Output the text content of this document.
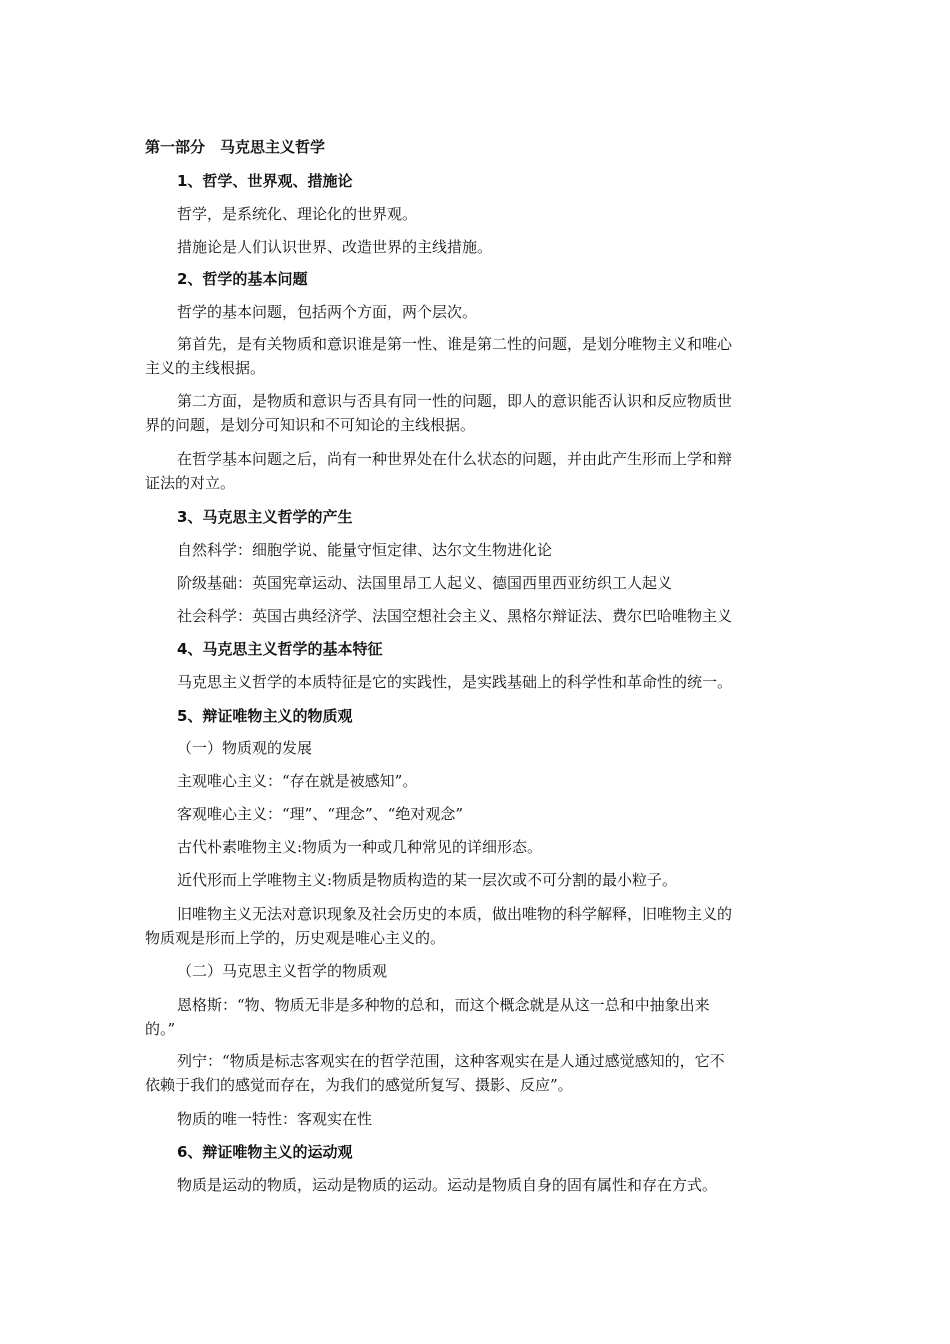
第一部分　马克思主义哲学
1、哲学、世界观、措施论
哲学，是系统化、理论化的世界观。
措施论是人们认识世界、改造世界的主线措施。
2、哲学的基本问题
哲学的基本问题，包括两个方面，两个层次。
第首先，是有关物质和意识谁是第一性、谁是第二性的问题，是划分唯物主义和唯心
主义的主线根据。
第二方面，是物质和意识与否具有同一性的问题，即人的意识能否认识和反应物质世
界的问题，是划分可知识和不可知论的主线根据。
在哲学基本问题之后，尚有一种世界处在什么状态的问题，并由此产生形而上学和辩
证法的对立。
3、马克思主义哲学的产生
自然科学：细胞学说、能量守恒定律、达尔文生物进化论
阶级基础：英国宪章运动、法国里昂工人起义、德国西里西亚纺织工人起义
社会科学：英国古典经济学、法国空想社会主义、黑格尔辩证法、费尔巴哈唯物主义
4、马克思主义哲学的基本特征
马克思主义哲学的本质特征是它的实践性，是实践基础上的科学性和革命性的统一。
5、辩证唯物主义的物质观
（一）物质观的发展
主观唯心主义：“存在就是被感知”。
客观唯心主义：“理”、“理念”、“绝对观念”
古代朴素唯物主义:物质为一种或几种常见的详细形态。
近代形而上学唯物主义:物质是物质构造的某一层次或不可分割的最小粒子。
旧唯物主义无法对意识现象及社会历史的本质，做出唯物的科学解释，旧唯物主义的
物质观是形而上学的，历史观是唯心主义的。
（二）马克思主义哲学的物质观
恩格斯：“物、物质无非是多种物的总和，而这个概念就是从这一总和中抽象出来
的。”
列宁：“物质是标志客观实在的哲学范围，这种客观实在是人通过感觉感知的，它不
依赖于我们的感觉而存在，为我们的感觉所复写、摄影、反应”。
物质的唯一特性：客观实在性
6、辩证唯物主义的运动观
物质是运动的物质，运动是物质的运动。运动是物质自身的固有属性和存在方式。
